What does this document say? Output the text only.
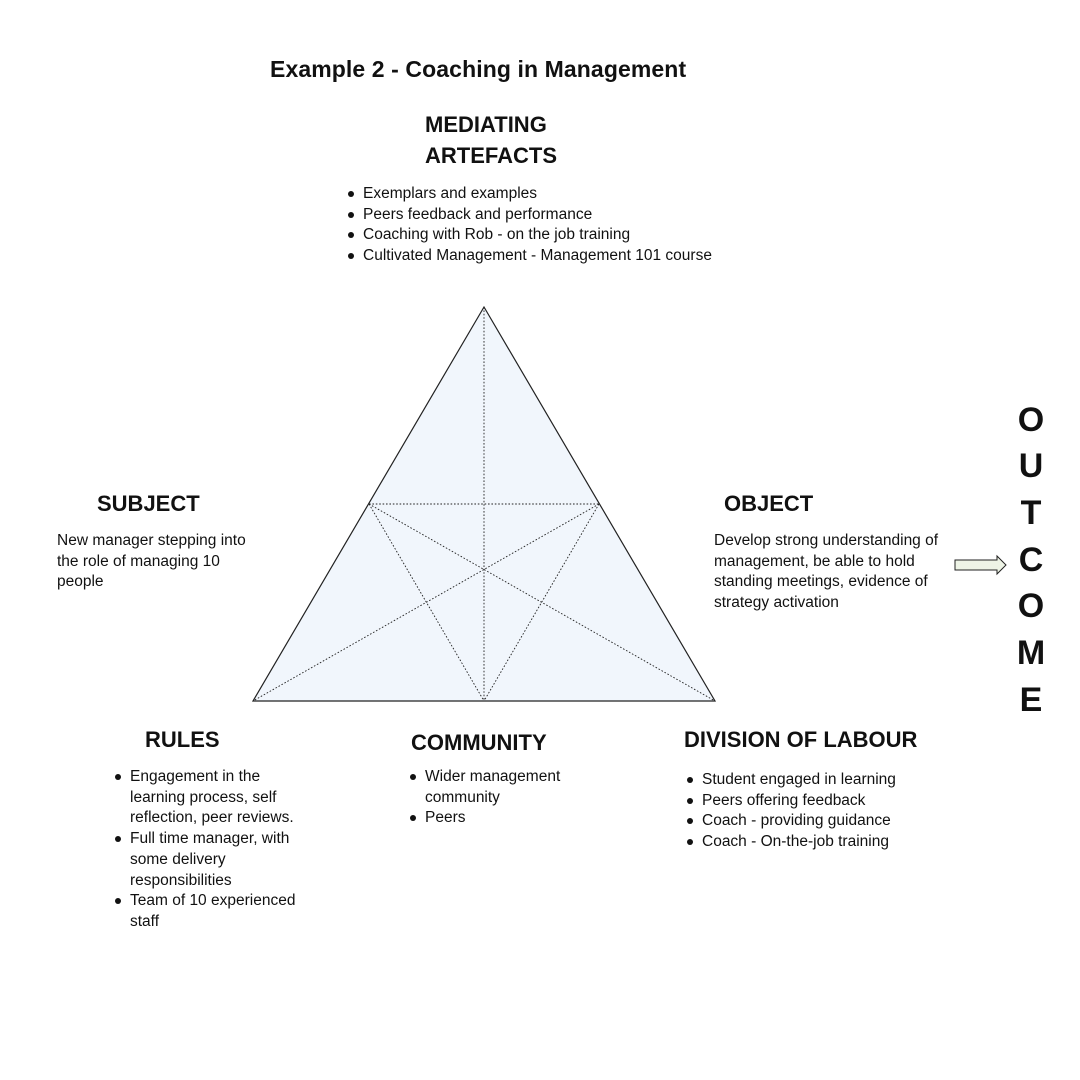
Example 2 - Coaching in Management
MEDIATING
ARTEFACTS
Exemplars and examples
Peers feedback and performance
Coaching with Rob - on the job training
Cultivated Management - Management 101 course
SUBJECT
New manager stepping into the role of managing 10 people
OBJECT
Develop strong understanding of management, be able to hold standing meetings, evidence of strategy activation
O
U
T
C
O
M
E
RULES
Engagement in the learning process, self reflection, peer reviews.
Full time manager, with some delivery responsibilities
Team of 10 experienced staff
COMMUNITY
Wider management community
Peers
DIVISION OF LABOUR
Student engaged in learning
Peers offering feedback
Coach - providing guidance
Coach - On-the-job training
